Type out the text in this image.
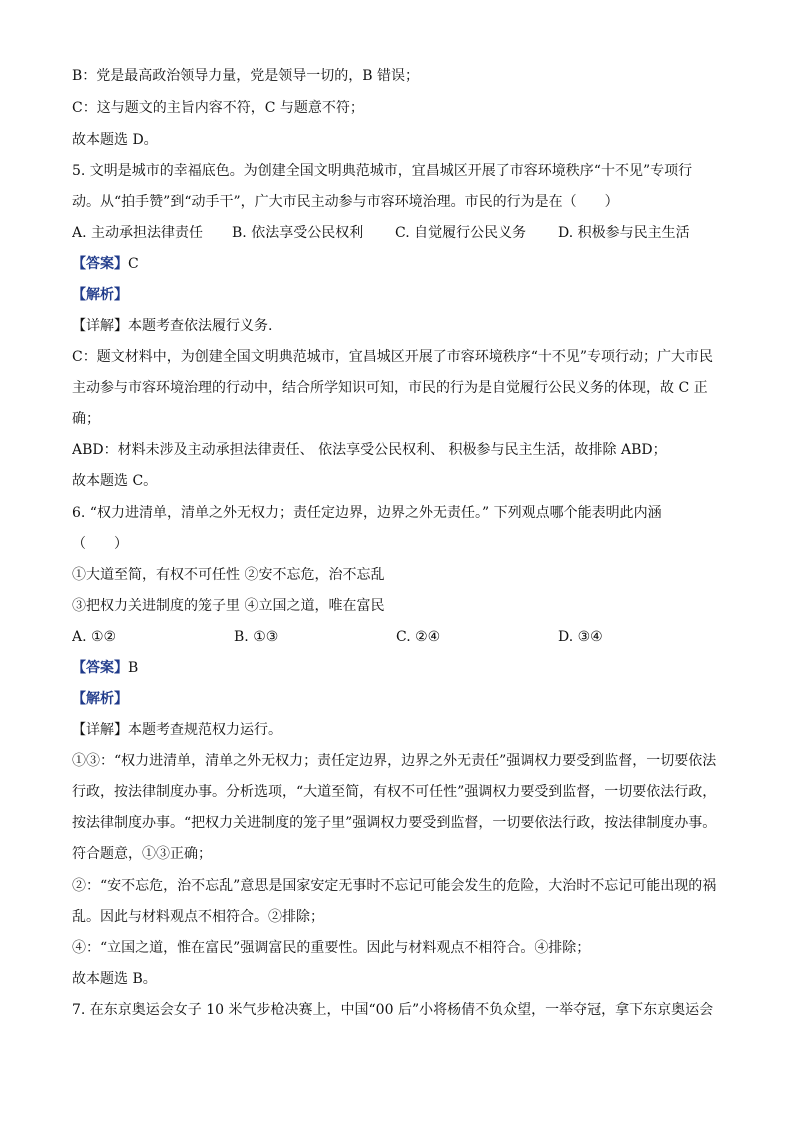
B：党是最高政治领导力量，党是领导一切的，B 错误；
C：这与题文的主旨内容不符，C 与题意不符；
故本题选 D。
5. 文明是城市的幸福底色。为创建全国文明典范城市，宜昌城区开展了市容环境秩序“十不见”专项行
动。从“拍手赞”到“动手干”，广大市民主动参与市容环境治理。市民的行为是在（　　）
A. 主动承担法律责任 B. 依法享受公民权利 C. 自觉履行公民义务 D. 积极参与民主生活
【答案】C
【解析】
【详解】本题考查依法履行义务.
C：题文材料中，为创建全国文明典范城市，宜昌城区开展了市容环境秩序“十不见”专项行动；广大市民
主动参与市容环境治理的行动中，结合所学知识可知，市民的行为是自觉履行公民义务的体现，故 C 正
确；
ABD：材料未涉及主动承担法律责任、 依法享受公民权利、 积极参与民主生活，故排除 ABD；
故本题选 C。
6. “权力进清单，清单之外无权力；责任定边界，边界之外无责任。” 下列观点哪个能表明此内涵
（　　）
①大道至简，有权不可任性 ②安不忘危，治不忘乱
③把权力关进制度的笼子里 ④立国之道，唯在富民
A. ①②	B. ①③	C. ②④	D. ③④
【答案】B
【解析】
【详解】本题考查规范权力运行。
①③：“权力进清单，清单之外无权力；责任定边界，边界之外无责任”强调权力要受到监督，一切要依法
行政，按法律制度办事。分析选项，“大道至简，有权不可任性”强调权力要受到监督，一切要依法行政，
按法律制度办事。“把权力关进制度的笼子里”强调权力要受到监督，一切要依法行政，按法律制度办事。
符合题意，①③正确；
②：“安不忘危，治不忘乱”意思是国家安定无事时不忘记可能会发生的危险，大治时不忘记可能出现的祸
乱。因此与材料观点不相符合。②排除；
④：“立国之道，惟在富民”强调富民的重要性。因此与材料观点不相符合。④排除；
故本题选 B。
7. 在东京奥运会女子 10 米气步枪决赛上，中国“00 后”小将杨倩不负众望，一举夺冠，拿下东京奥运会
